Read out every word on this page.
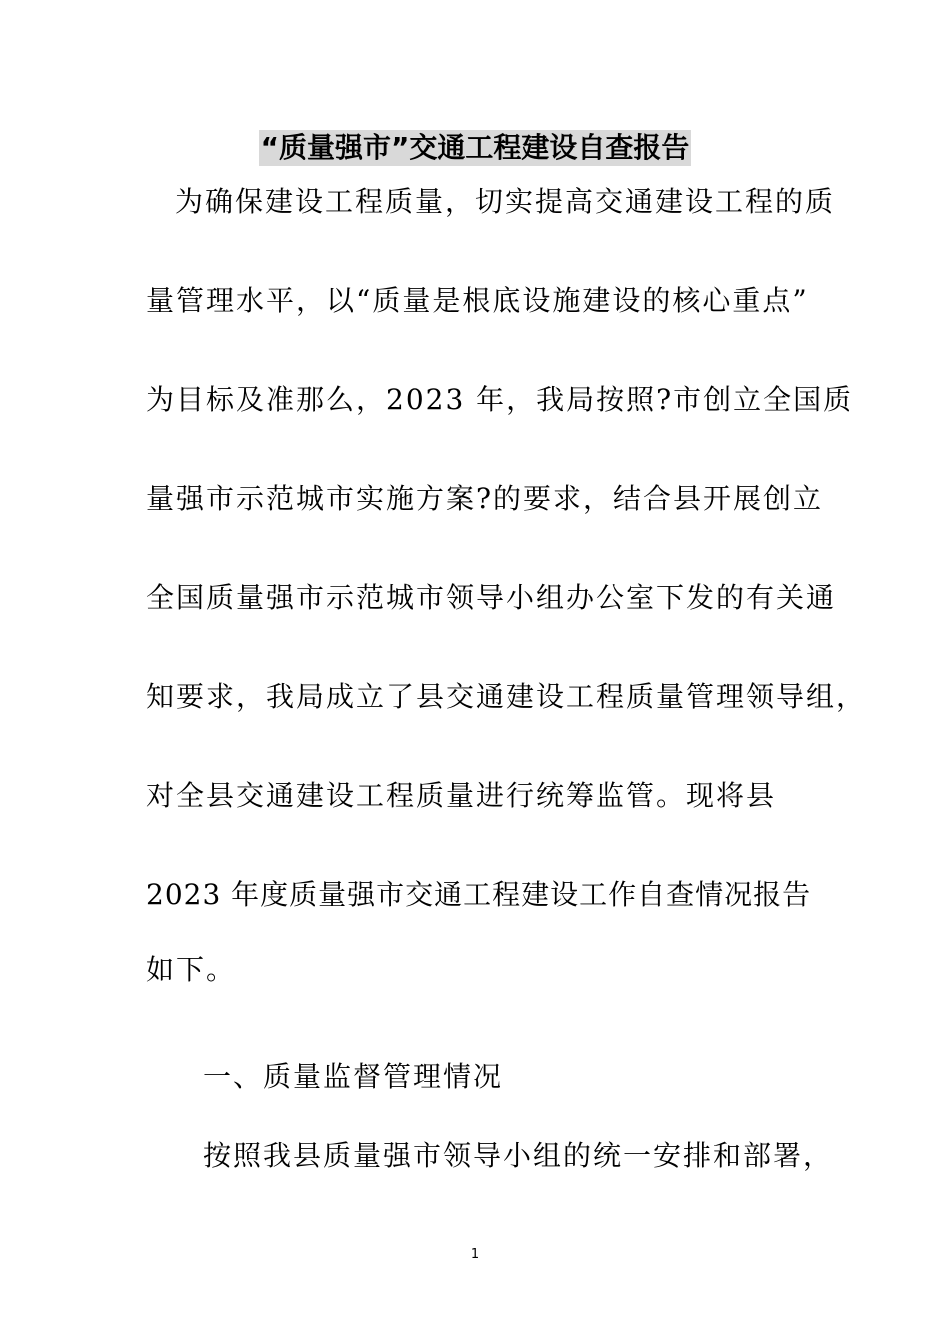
“质量强市”交通工程建设自查报告
为确保建设工程质量，切实提高交通建设工程的质
量管理水平，以“质量是根底设施建设的核心重点”
为目标及准那么，2023 年，我局按照?市创立全国质
量强市示范城市实施方案?的要求，结合县开展创立
全国质量强市示范城市领导小组办公室下发的有关通
知要求，我局成立了县交通建设工程质量管理领导组，
对全县交通建设工程质量进行统筹监管。现将县
2023 年度质量强市交通工程建设工作自查情况报告
如下。
一、质量监督管理情况
按照我县质量强市领导小组的统一安排和部署，
1
